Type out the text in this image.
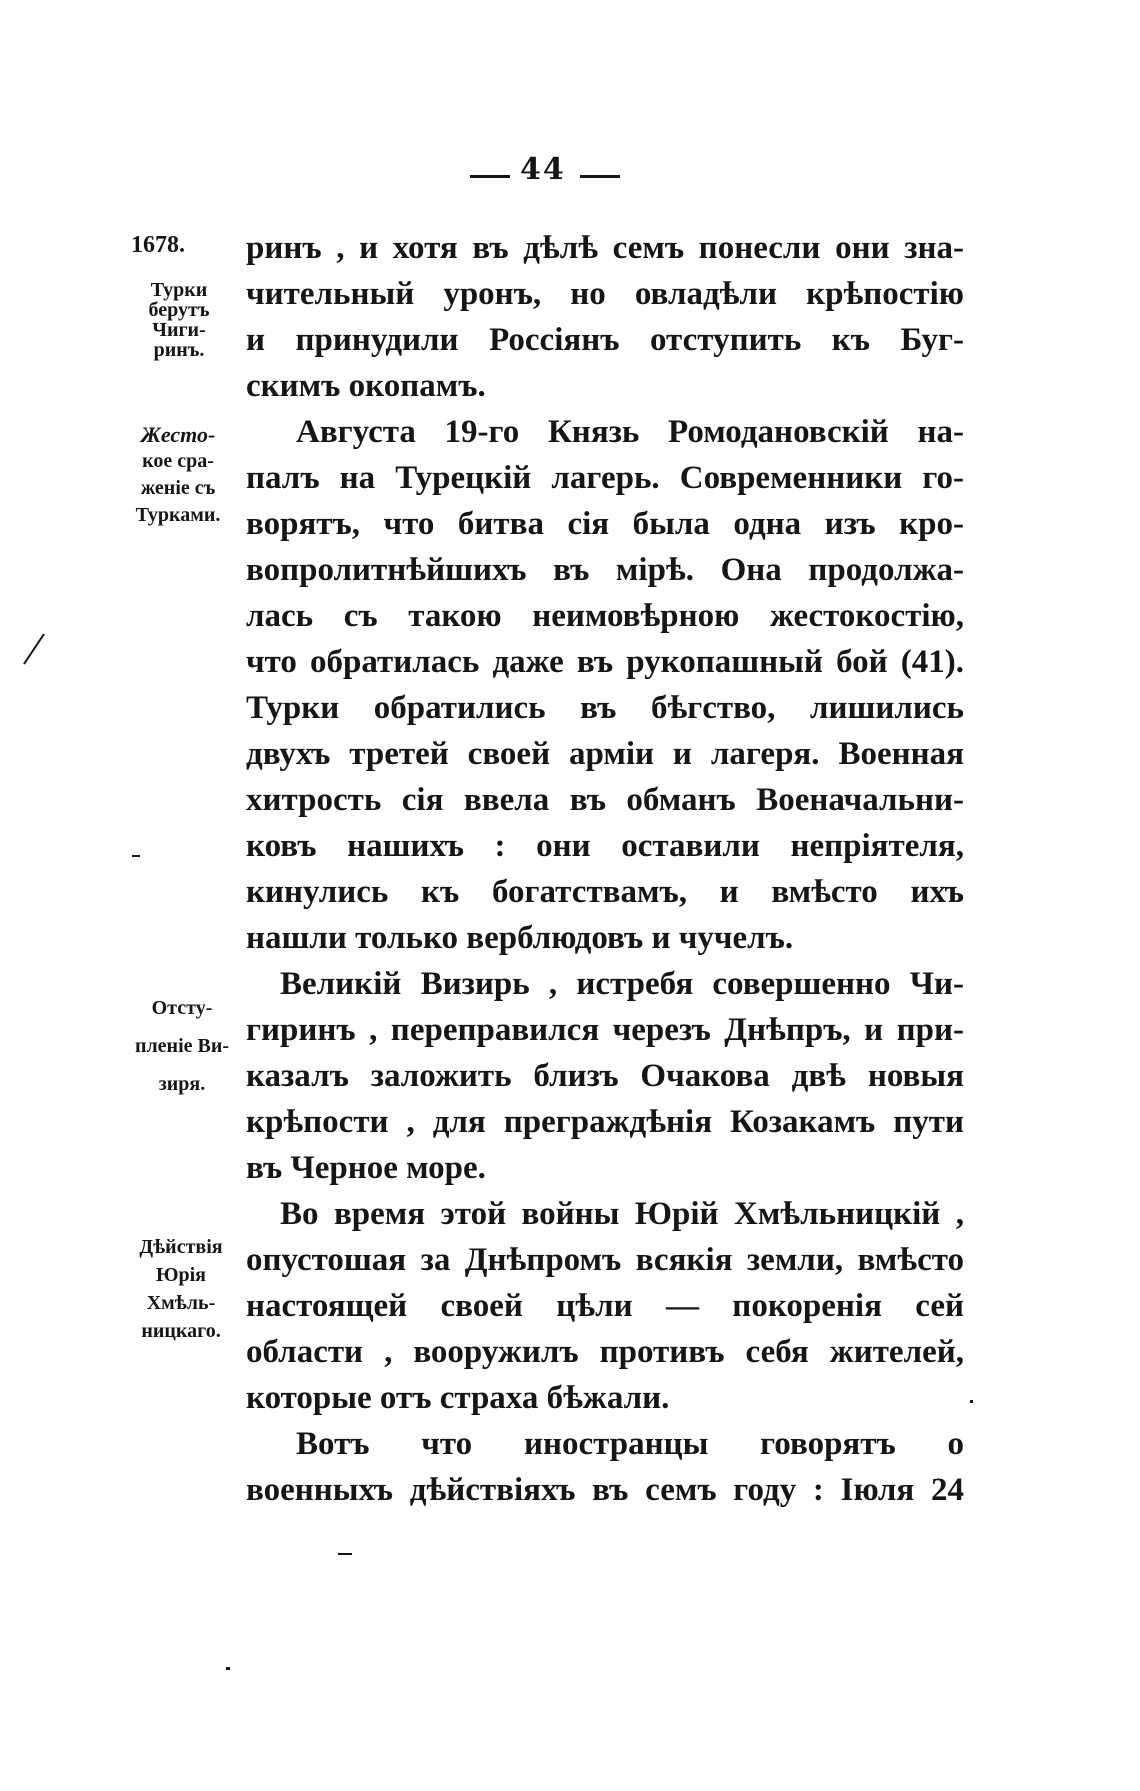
44
1678.
Турки
берутъ
Чиги-
ринъ.
Жесто-
кое сра-
женіе съ
Турками.
Отсту-
пленіе Ви-
зиря.
Дѣйствія
Юрія
Хмѣль-
ницкаго.
ринъ , и хотя въ дѣлѣ семъ понесли они зна-
чительный уронъ, но овладѣли крѣпостію
и принудили Россіянъ отступить къ Буг-
скимъ окопамъ.
Августа 19-го Князь Ромодановскій на-
палъ на Турецкій лагерь. Современники го-
ворятъ, что битва сія была одна изъ кро-
вопролитнѣйшихъ въ мірѣ. Она продолжа-
лась съ такою неимовѣрною жестокостію,
что обратилась даже въ рукопашный бой (41).
Турки обратились въ бѣгство, лишились
двухъ третей своей арміи и лагеря. Военная
хитрость сія ввела въ обманъ Военачальни-
ковъ нашихъ : они оставили непріятеля,
кинулись къ богатствамъ, и вмѣсто ихъ
нашли только верблюдовъ и чучелъ.
Великій Визирь , истребя совершенно Чи-
гиринъ , переправился черезъ Днѣпръ, и при-
казалъ заложить близъ Очакова двѣ новыя
крѣпости , для преграждѣнія Козакамъ пути
въ Черное море.
Во время этой войны Юрій Хмѣльницкій ,
опустошая за Днѣпромъ всякія земли, вмѣсто
настоящей своей цѣли — покоренія сей
области , вооружилъ противъ себя жителей,
которые отъ страха бѣжали.
Вотъ что иностранцы говорятъ о
военныхъ дѣйствіяхъ въ семъ году : Іюля 24
